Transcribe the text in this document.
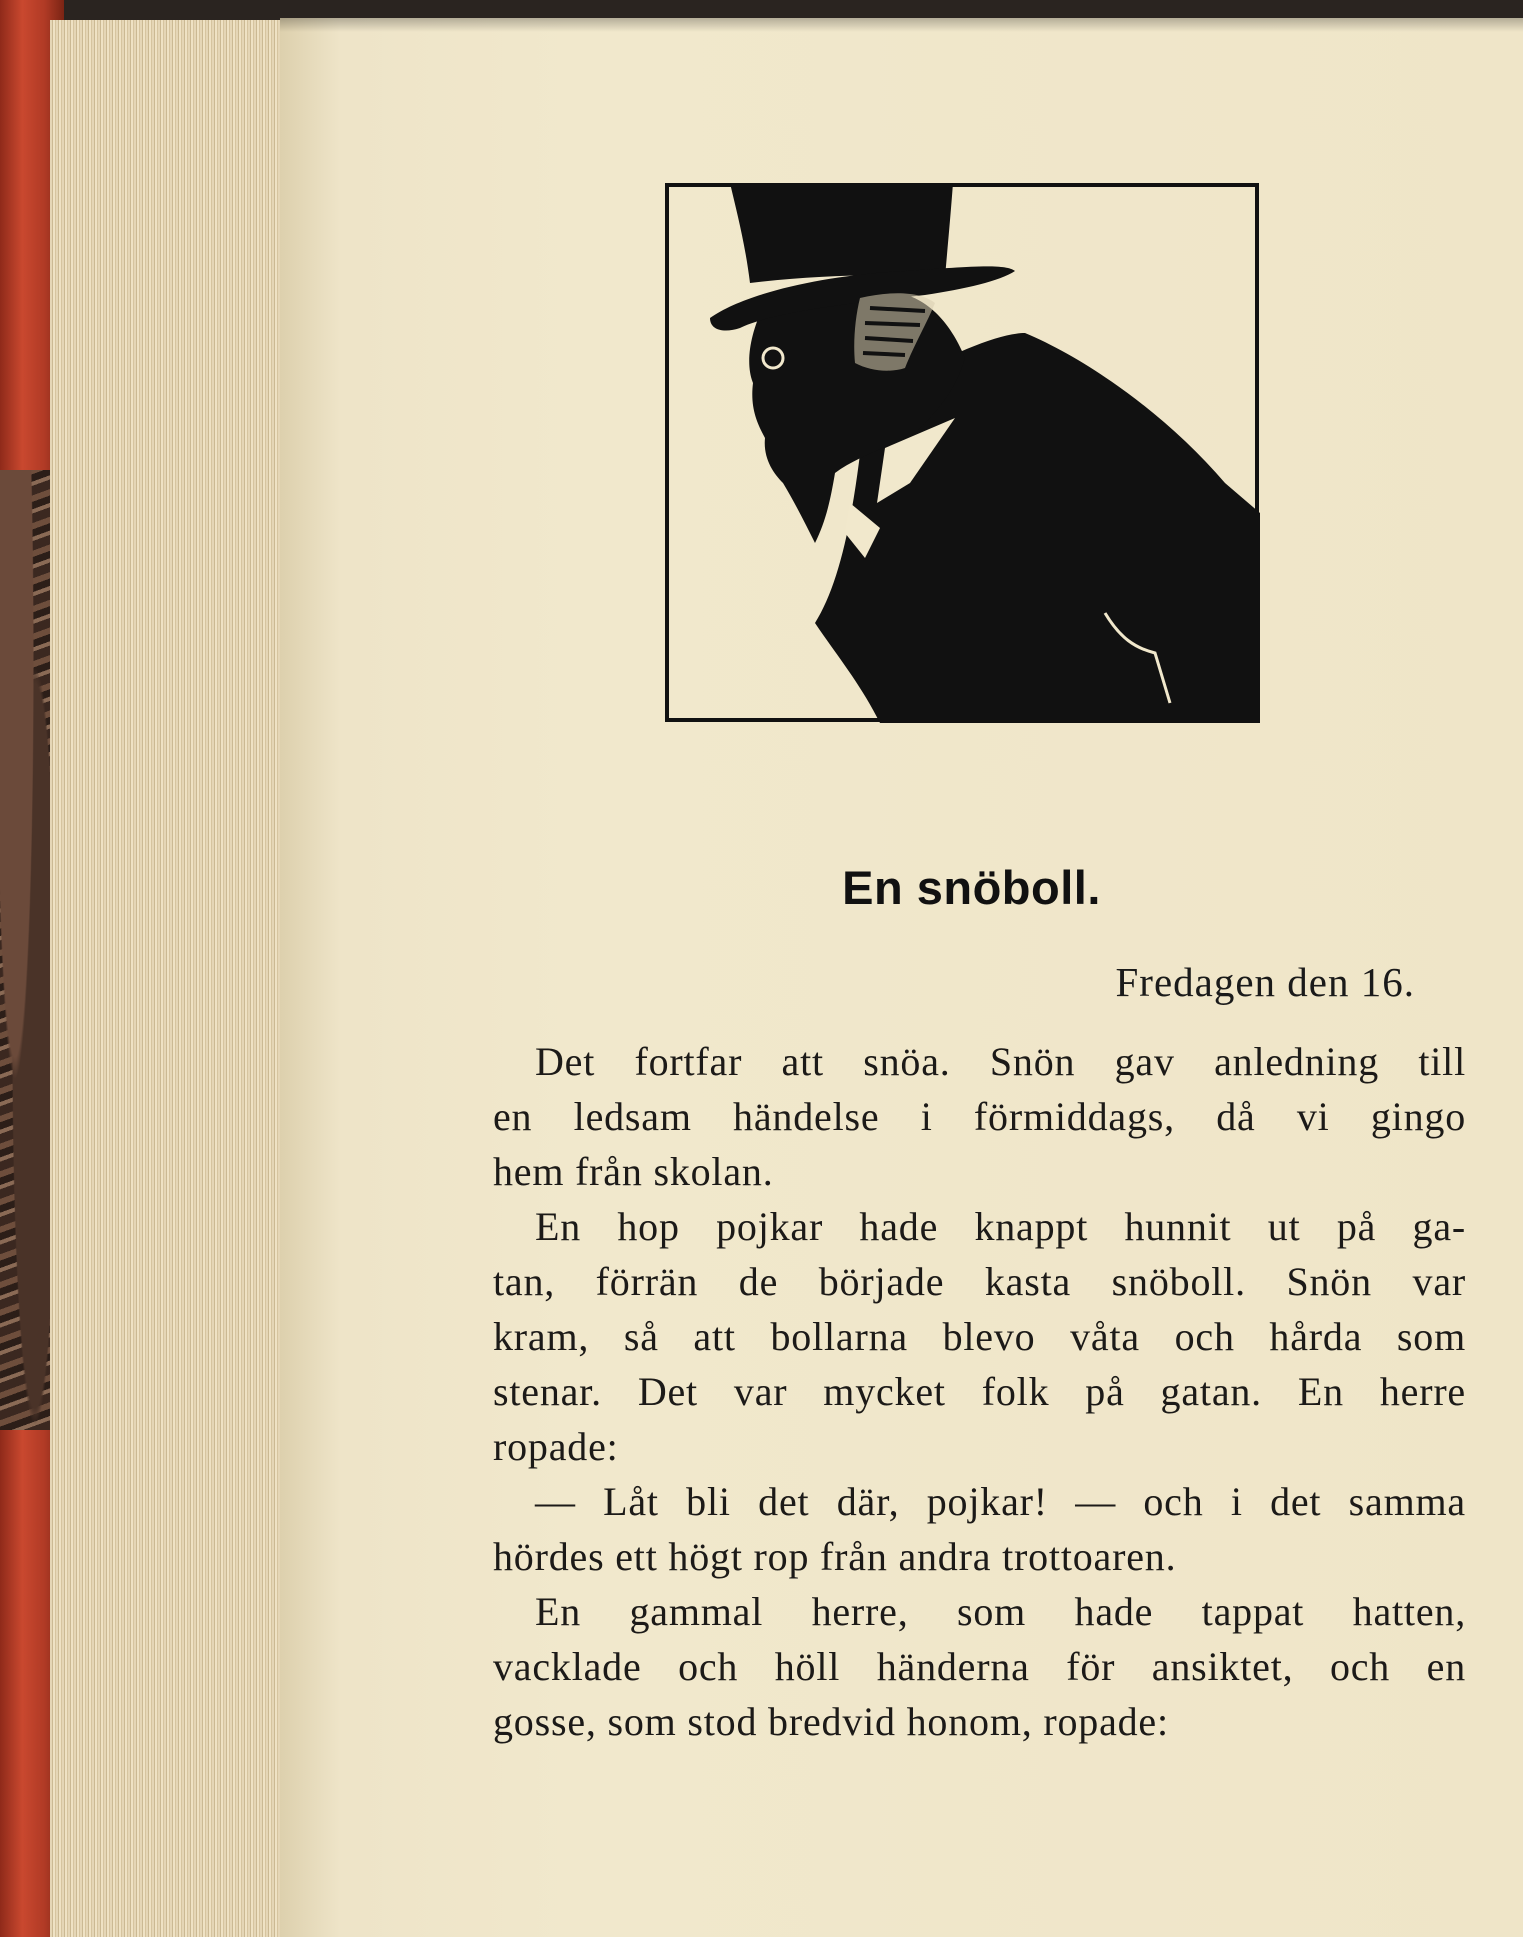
En snöboll.
Fredagen den 16.
Det fortfar att snöa. Snön gav anledning till
en ledsam händelse i förmiddags, då vi gingo
hem från skolan.
En hop pojkar hade knappt hunnit ut på ga-
tan, förrän de började kasta snöboll. Snön var
kram, så att bollarna blevo våta och hårda som
stenar. Det var mycket folk på gatan. En herre
ropade:
— Låt bli det där, pojkar! — och i det samma
hördes ett högt rop från andra trottoaren.
En gammal herre, som hade tappat hatten,
vacklade och höll händerna för ansiktet, och en
gosse, som stod bredvid honom, ropade:
